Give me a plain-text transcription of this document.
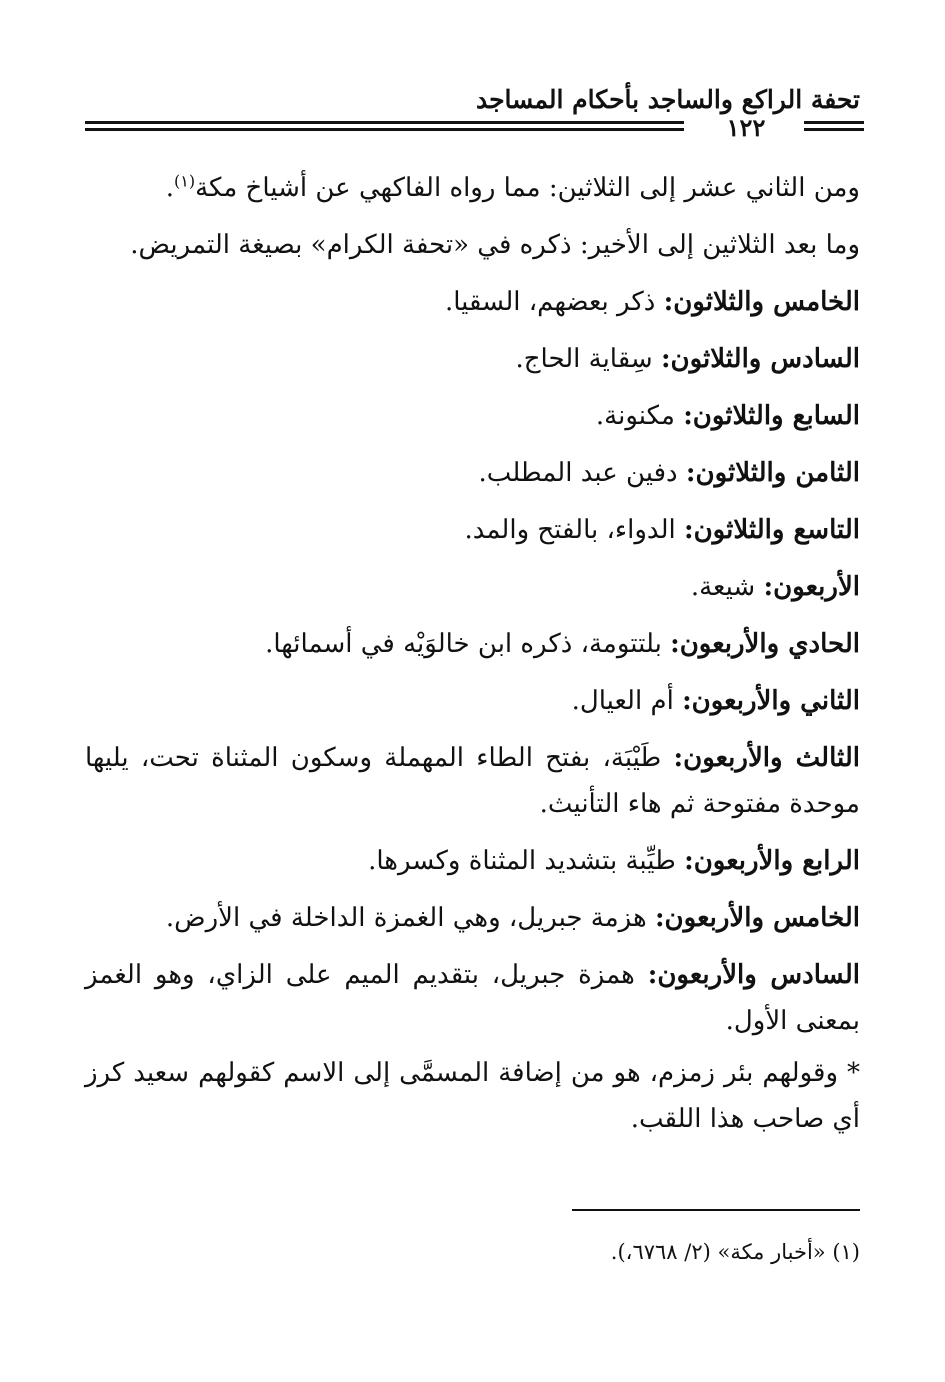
تحفة الراكع والساجد بأحكام المساجد
١٢٢

ومن الثاني عشر إلى الثلاثين: مما رواه الفاكهي عن أشياخ مكة$^{(١)}$.

وما بعد الثلاثين إلى الأخير: ذكره في «تحفة الكرام» بصيغة التمريض.

الخامس والثلاثون: ذكر بعضهم، السقيا.

السادس والثلاثون: سِقاية الحاج.

السابع والثلاثون: مكنونة.

الثامن والثلاثون: دفين عبد المطلب.

التاسع والثلاثون: الدواء، بالفتح والمد.

الأربعون: شيعة.

الحادي والأربعون: بلتتومة، ذكره ابن خالوَيْه في أسمائها.

الثاني والأربعون: أم العيال.

الثالث والأربعون: طَيْبَة، بفتح الطاء المهملة وسكون المثناة تحت، يليها موحدة مفتوحة ثم هاء التأنيث.

الرابع والأربعون: طيِّبة بتشديد المثناة وكسرها.

الخامس والأربعون: هزمة جبريل، وهي الغمزة الداخلة في الأرض.

السادس والأربعون: همزة جبريل، بتقديم الميم على الزاي، وهو الغمز بمعنى الأول.

* وقولهم بئر زمزم، هو من إضافة المسمَّى إلى الاسم كقولهم سعيد كرز أي صاحب هذا اللقب.

(١) «أخبار مكة» (٢/ ٦٧٦٨،).
